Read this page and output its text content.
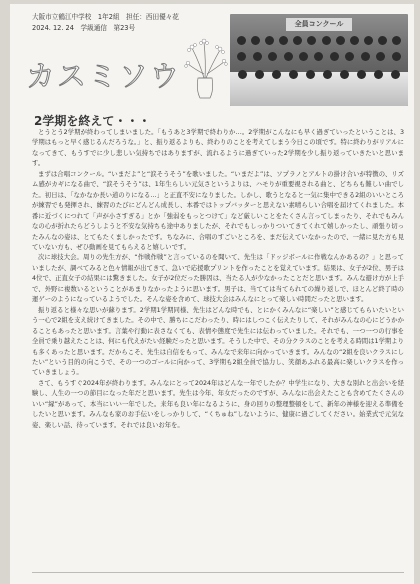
大阪市立鶴江中学校　1年2組　担任：西田優々花
2024. 12. 24　学級通信　第23号
カスミソウ
全員コンクール
2学期を終えて・・・

とうとう2学期が終わってしまいました。「もうあと3学期で終わりか…。2学期がこんなにも早く過ぎていったということは、3学期はもっと早く感じるんだろうな。」と、振り返るよりも、終わりのことを考えてしまう今日この頃です。特に終わりがリアルになってきて、もうすでに少し悲しい気持ちではありますが、流れるように過ぎていった2学期を少し振り返っていきたいと思います。

まずは合唱コンクール。“いまだよ”と“涙そうそう”を歌いました。“いまだよ”は、ソプラノとアルトの掛け合いが特徴の、リズム感がカギになる曲で、“涙そうそう”は、1年生らしい元気さというよりは、ハモりが重要視される曲と、どちらも難しい曲でした。初日は、「なかなか長い道のりになる…」と正直不安になりました。しかし、歌うとなると一気に集中できる2組のいいところが練習でも発揮され、練習のたびにどんどん成長し、本番ではトップバッターと思えない素晴らしい合唱を届けてくれました。本番に近づくにつれて「声が小さすぎる」とか「強弱をもっとつけて」など厳しいことをたくさん言ってしまったり、それでもみんなの心が折れたらどうしようと不安な気持ちも途中ありましたが、それでもしっかりついてきてくれて嬉しかったし、頑張り切ったみんなの姿は、とてもたくましかったです。ちなみに、合唱のすごいところを、まだ伝えていなかったので、一緒に見た方も見ていない方も、ぜひ動画を見てもらえると嬉しいです。

次に球技大会。周りの先生方が、“作戦作戦”と言っているのを聞いて、先生は「ドッジボールに作戦なんかあるの？」と思っていましたが、調べてみると色々情報が出てきて、急いで応援歌プリントを作ったことを覚えています。結果は、女子が2位、男子は4位で、正直女子の結果には驚きました。女子が2位だった勝因は、当たる人が少なかったことだと思います。みんな避け方が上手で、外野に複数いるということがあまりなかったように思います。男子は、当てては当てられての繰り返しで、ほとんど終了時の運ゲーのようになっているようでした。そんな姿を含めて、球技大会はみんなにとって楽しい時間だったと思います。

振り返ると様々な思いが蘇ります。2学期1学期同様、先生はどんな時でも、とにかくみんなに“楽しい”と感じてもらいたいという一心で2組を支え続けてきました。その中で、勝ちにこだわったり、時にはしつこく伝えたりして、それがみんなの心にどうかかることもあったと思います。言葉や行動に表さなくても、表情や態度で先生には伝わっていました。それでも、一つ一つの行事を全員で乗り越えたことは、何にも代えがたい経験だったと思います。そうした中で、その分クラスのことを考える時間は1学期よりも多くあったと思います。だからこそ、先生は自信をもって、みんなで来年に向かっていきます。みんなの“2組を良いクラスにしたい”という目的の向こうで、その一つのゴールに向かって、3学期も2組全員で協力し、笑顔あふれる最高に楽しいクラスを作っていきましょう。

さて、もうすぐ2024年が終わります。みんなにとって2024年はどんな一年でしたか？中学生になり、大きな別れと出会いを経験し、人生の一つの節目になった年だと思います。先生は今年、年女だったのですが、みんなに出会えたことも含めてたくさんのいい“縁”があって、本当にいい一年でした。来年も良い年になるように、身の回りの整理整頓をして、新年の神様を迎える準備をしたいと思います。みんなも家のお手伝いをしっかりして、“くちゅね”しないように、健康に過ごしてください。始業式で元気な姿、楽しい話、待っています。それでは良いお年を。
